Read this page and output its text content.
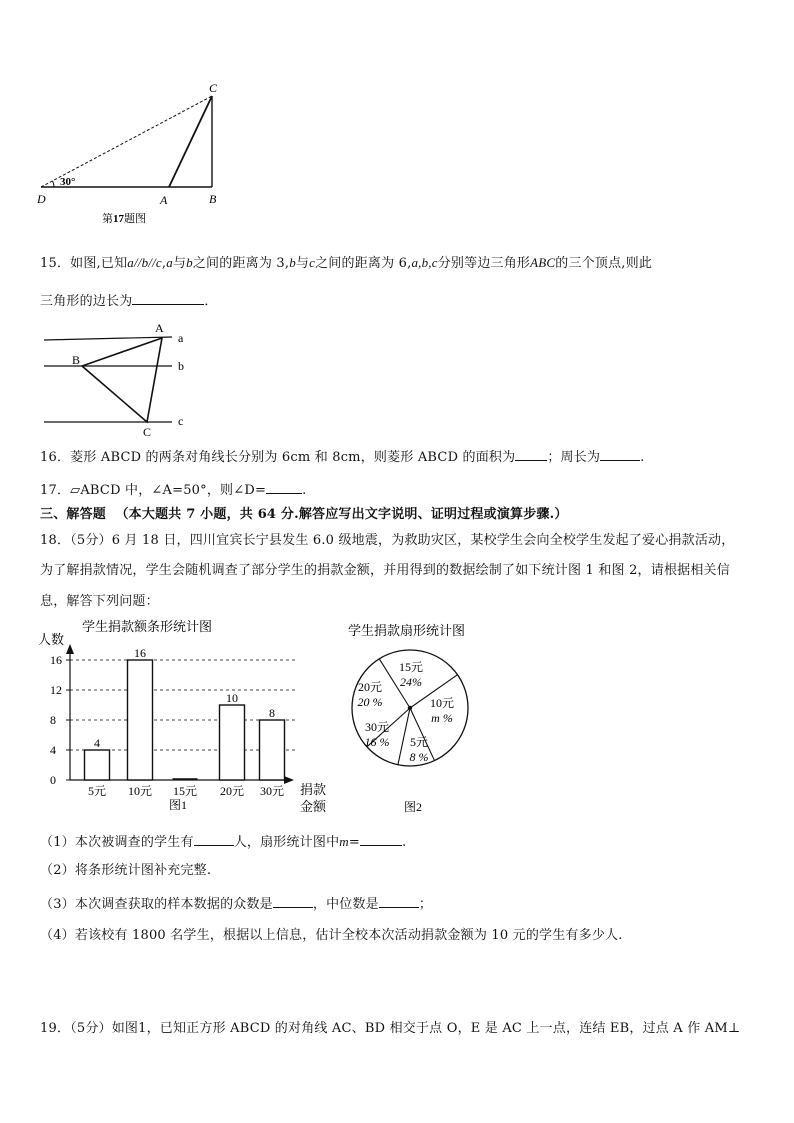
30°
C
D	A	B
第17题图
15．如图,已知a//b//c,a与b之间的距离为 3,b与c之间的距离为 6,a,b,c分别等边三角形ABC的三个顶点,则此
三角形的边长为	．
A
B
C
a
b
c
16．菱形 ABCD 的两条对角线长分别为 6cm 和 8cm，则菱形 ABCD 的面积为 ；周长为	.
17．▱ABCD 中，∠A=50°，则∠D=	.
三、解答题 （本大题共 7 小题，共 64 分.解答应写出文字说明、证明过程或演算步骤.）
18．（5分）6 月 18 日，四川宜宾长宁县发生 6.0 级地震，为救助灾区，某校学生会向全校学生发起了爱心捐款活动，
为了解捐款情况，学生会随机调查了部分学生的捐款金额，并用得到的数据绘制了如下统计图 1 和图 2，请根据相关信
息，解答下列问题：
学生捐款额条形统计图
人数
0
4
8
12
16
4
16
10
8
5元 10元 15元 20元 30元 捐款
金额
图1
学生捐款扇形统计图
15元
24%
10元
m %
5元
8 %
30元
16 %
20元
20 %
图2
（1）本次被调查的学生有	人，扇形统计图中m=	.
（2）将条形统计图补充完整.
（3）本次调查获取的样本数据的众数是	，中位数是	；
（4）若该校有 1800 名学生，根据以上信息，估计全校本次活动捐款金额为 10 元的学生有多少人.
19．（5分）如图1，已知正方形 ABCD 的对角线 AC、BD 相交于点 O，E 是 AC 上一点，连结 EB，过点 A 作 AM⊥
